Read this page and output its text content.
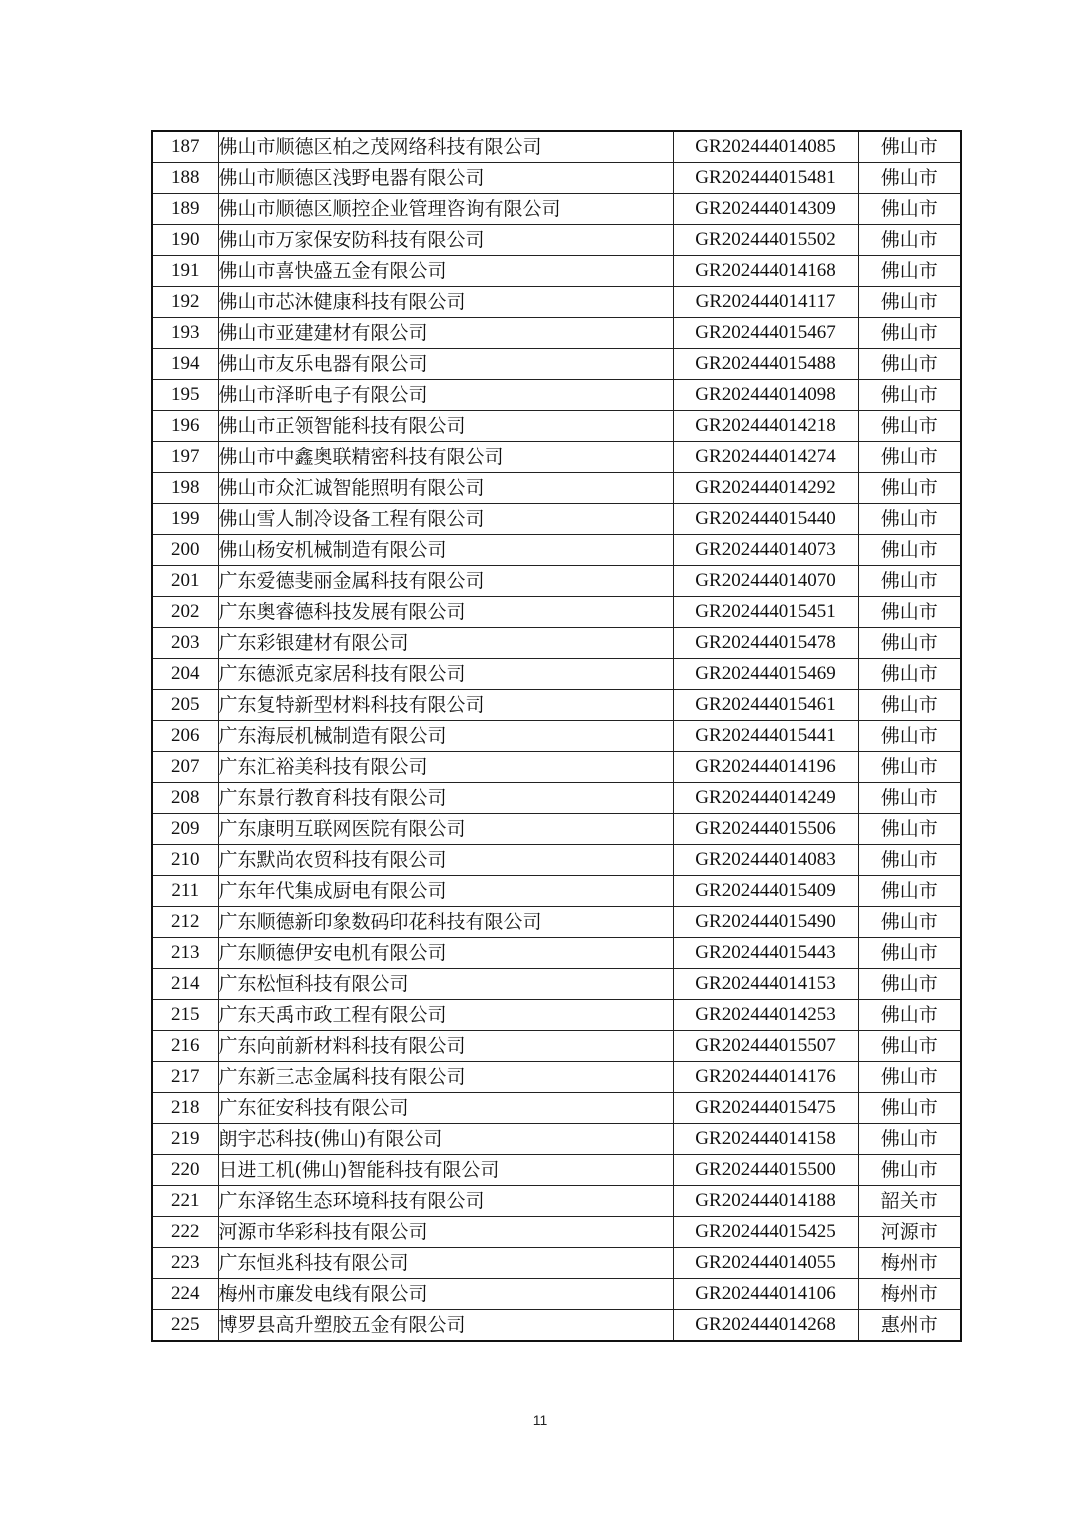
187	佛山市顺德区柏之茂网络科技有限公司	GR202444014085	佛山市
188	佛山市顺德区浅野电器有限公司	GR202444015481	佛山市
189	佛山市顺德区顺控企业管理咨询有限公司	GR202444014309	佛山市
190	佛山市万家保安防科技有限公司	GR202444015502	佛山市
191	佛山市喜快盛五金有限公司	GR202444014168	佛山市
192	佛山市芯沐健康科技有限公司	GR202444014117	佛山市
193	佛山市亚建建材有限公司	GR202444015467	佛山市
194	佛山市友乐电器有限公司	GR202444015488	佛山市
195	佛山市泽昕电子有限公司	GR202444014098	佛山市
196	佛山市正领智能科技有限公司	GR202444014218	佛山市
197	佛山市中鑫奥联精密科技有限公司	GR202444014274	佛山市
198	佛山市众汇诚智能照明有限公司	GR202444014292	佛山市
199	佛山雪人制冷设备工程有限公司	GR202444015440	佛山市
200	佛山杨安机械制造有限公司	GR202444014073	佛山市
201	广东爱德斐丽金属科技有限公司	GR202444014070	佛山市
202	广东奥睿德科技发展有限公司	GR202444015451	佛山市
203	广东彩银建材有限公司	GR202444015478	佛山市
204	广东德派克家居科技有限公司	GR202444015469	佛山市
205	广东复特新型材料科技有限公司	GR202444015461	佛山市
206	广东海辰机械制造有限公司	GR202444015441	佛山市
207	广东汇裕美科技有限公司	GR202444014196	佛山市
208	广东景行教育科技有限公司	GR202444014249	佛山市
209	广东康明互联网医院有限公司	GR202444015506	佛山市
210	广东默尚农贸科技有限公司	GR202444014083	佛山市
211	广东年代集成厨电有限公司	GR202444015409	佛山市
212	广东顺德新印象数码印花科技有限公司	GR202444015490	佛山市
213	广东顺德伊安电机有限公司	GR202444015443	佛山市
214	广东松恒科技有限公司	GR202444014153	佛山市
215	广东天禹市政工程有限公司	GR202444014253	佛山市
216	广东向前新材料科技有限公司	GR202444015507	佛山市
217	广东新三志金属科技有限公司	GR202444014176	佛山市
218	广东征安科技有限公司	GR202444015475	佛山市
219	朗宇芯科技(佛山)有限公司	GR202444014158	佛山市
220	日进工机(佛山)智能科技有限公司	GR202444015500	佛山市
221	广东泽铭生态环境科技有限公司	GR202444014188	韶关市
222	河源市华彩科技有限公司	GR202444015425	河源市
223	广东恒兆科技有限公司	GR202444014055	梅州市
224	梅州市廉发电线有限公司	GR202444014106	梅州市
225	博罗县高升塑胶五金有限公司	GR202444014268	惠州市
11
